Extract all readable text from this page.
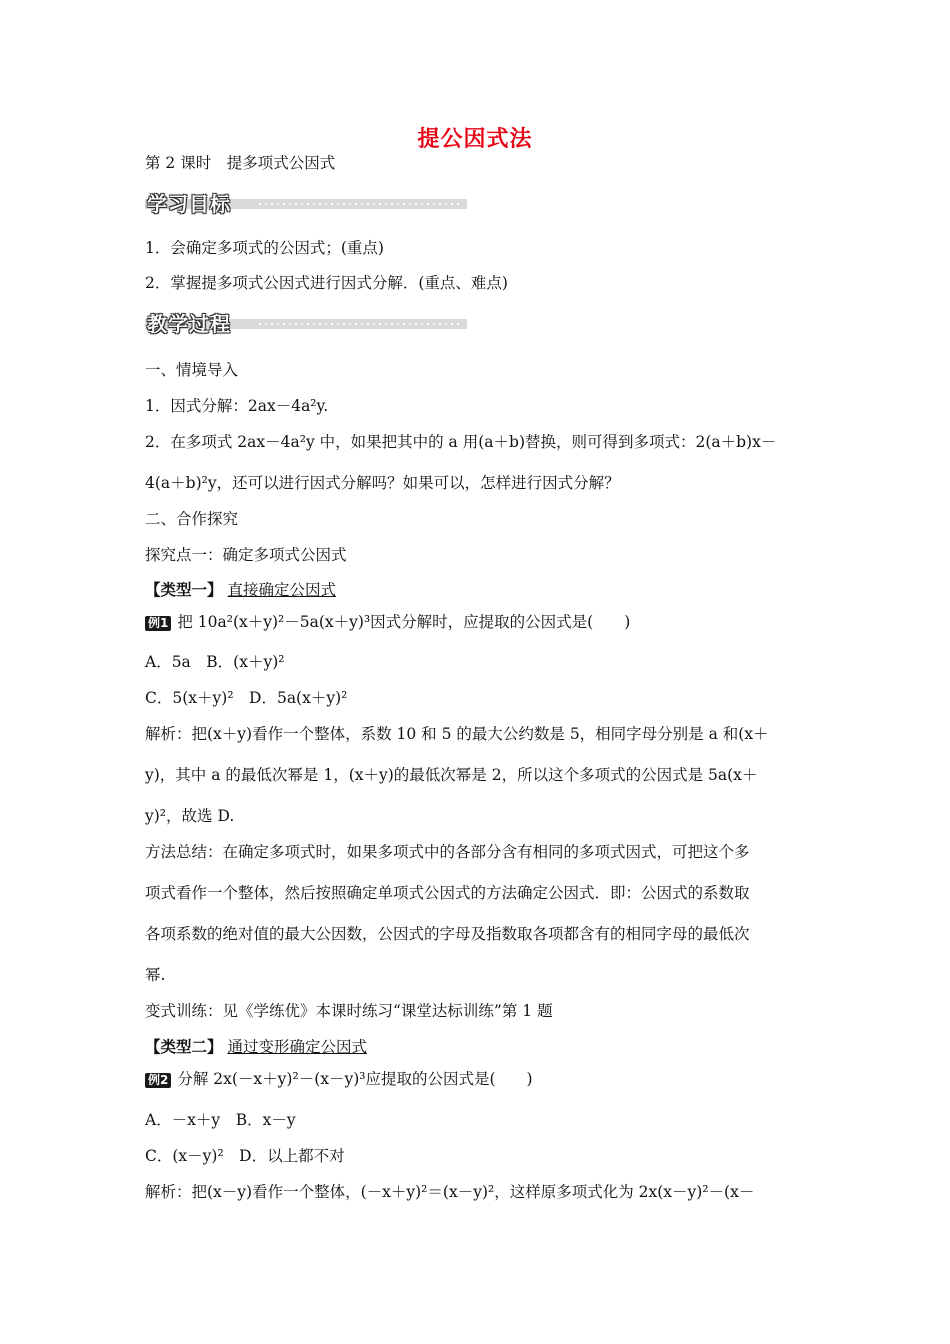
提公因式法
第 2 课时　提多项式公因式
学习目标
1．会确定多项式的公因式；(重点)
2．掌握提多项式公因式进行因式分解．(重点、难点)
教学过程
一、情境导入
1．因式分解：2ax－4a²y.
2．在多项式 2ax－4a²y 中，如果把其中的 a 用(a＋b)替换，则可得到多项式：2(a＋b)x－
4(a＋b)²y，还可以进行因式分解吗？如果可以，怎样进行因式分解？
二、合作探究
探究点一：确定多项式公因式
【类型一】 直接确定公因式
例1 把 10a²(x＋y)²－5a(x＋y)³因式分解时，应提取的公因式是(　　)
A．5a　B．(x＋y)²
C．5(x＋y)²　D．5a(x＋y)²
解析：把(x＋y)看作一个整体，系数 10 和 5 的最大公约数是 5，相同字母分别是 a 和(x＋
y)，其中 a 的最低次幂是 1，(x＋y)的最低次幂是 2，所以这个多项式的公因式是 5a(x＋
y)²，故选 D.
方法总结：在确定多项式时，如果多项式中的各部分含有相同的多项式因式，可把这个多
项式看作一个整体，然后按照确定单项式公因式的方法确定公因式．即：公因式的系数取
各项系数的绝对值的最大公因数，公因式的字母及指数取各项都含有的相同字母的最低次
幂.
变式训练：见《学练优》本课时练习“课堂达标训练”第 1 题
【类型二】 通过变形确定公因式
例2 分解 2x(－x＋y)²－(x－y)³应提取的公因式是(　　)
A．－x＋y　B．x－y
C．(x－y)²　D．以上都不对
解析：把(x－y)看作一个整体，(－x＋y)²＝(x－y)²，这样原多项式化为 2x(x－y)²－(x－
